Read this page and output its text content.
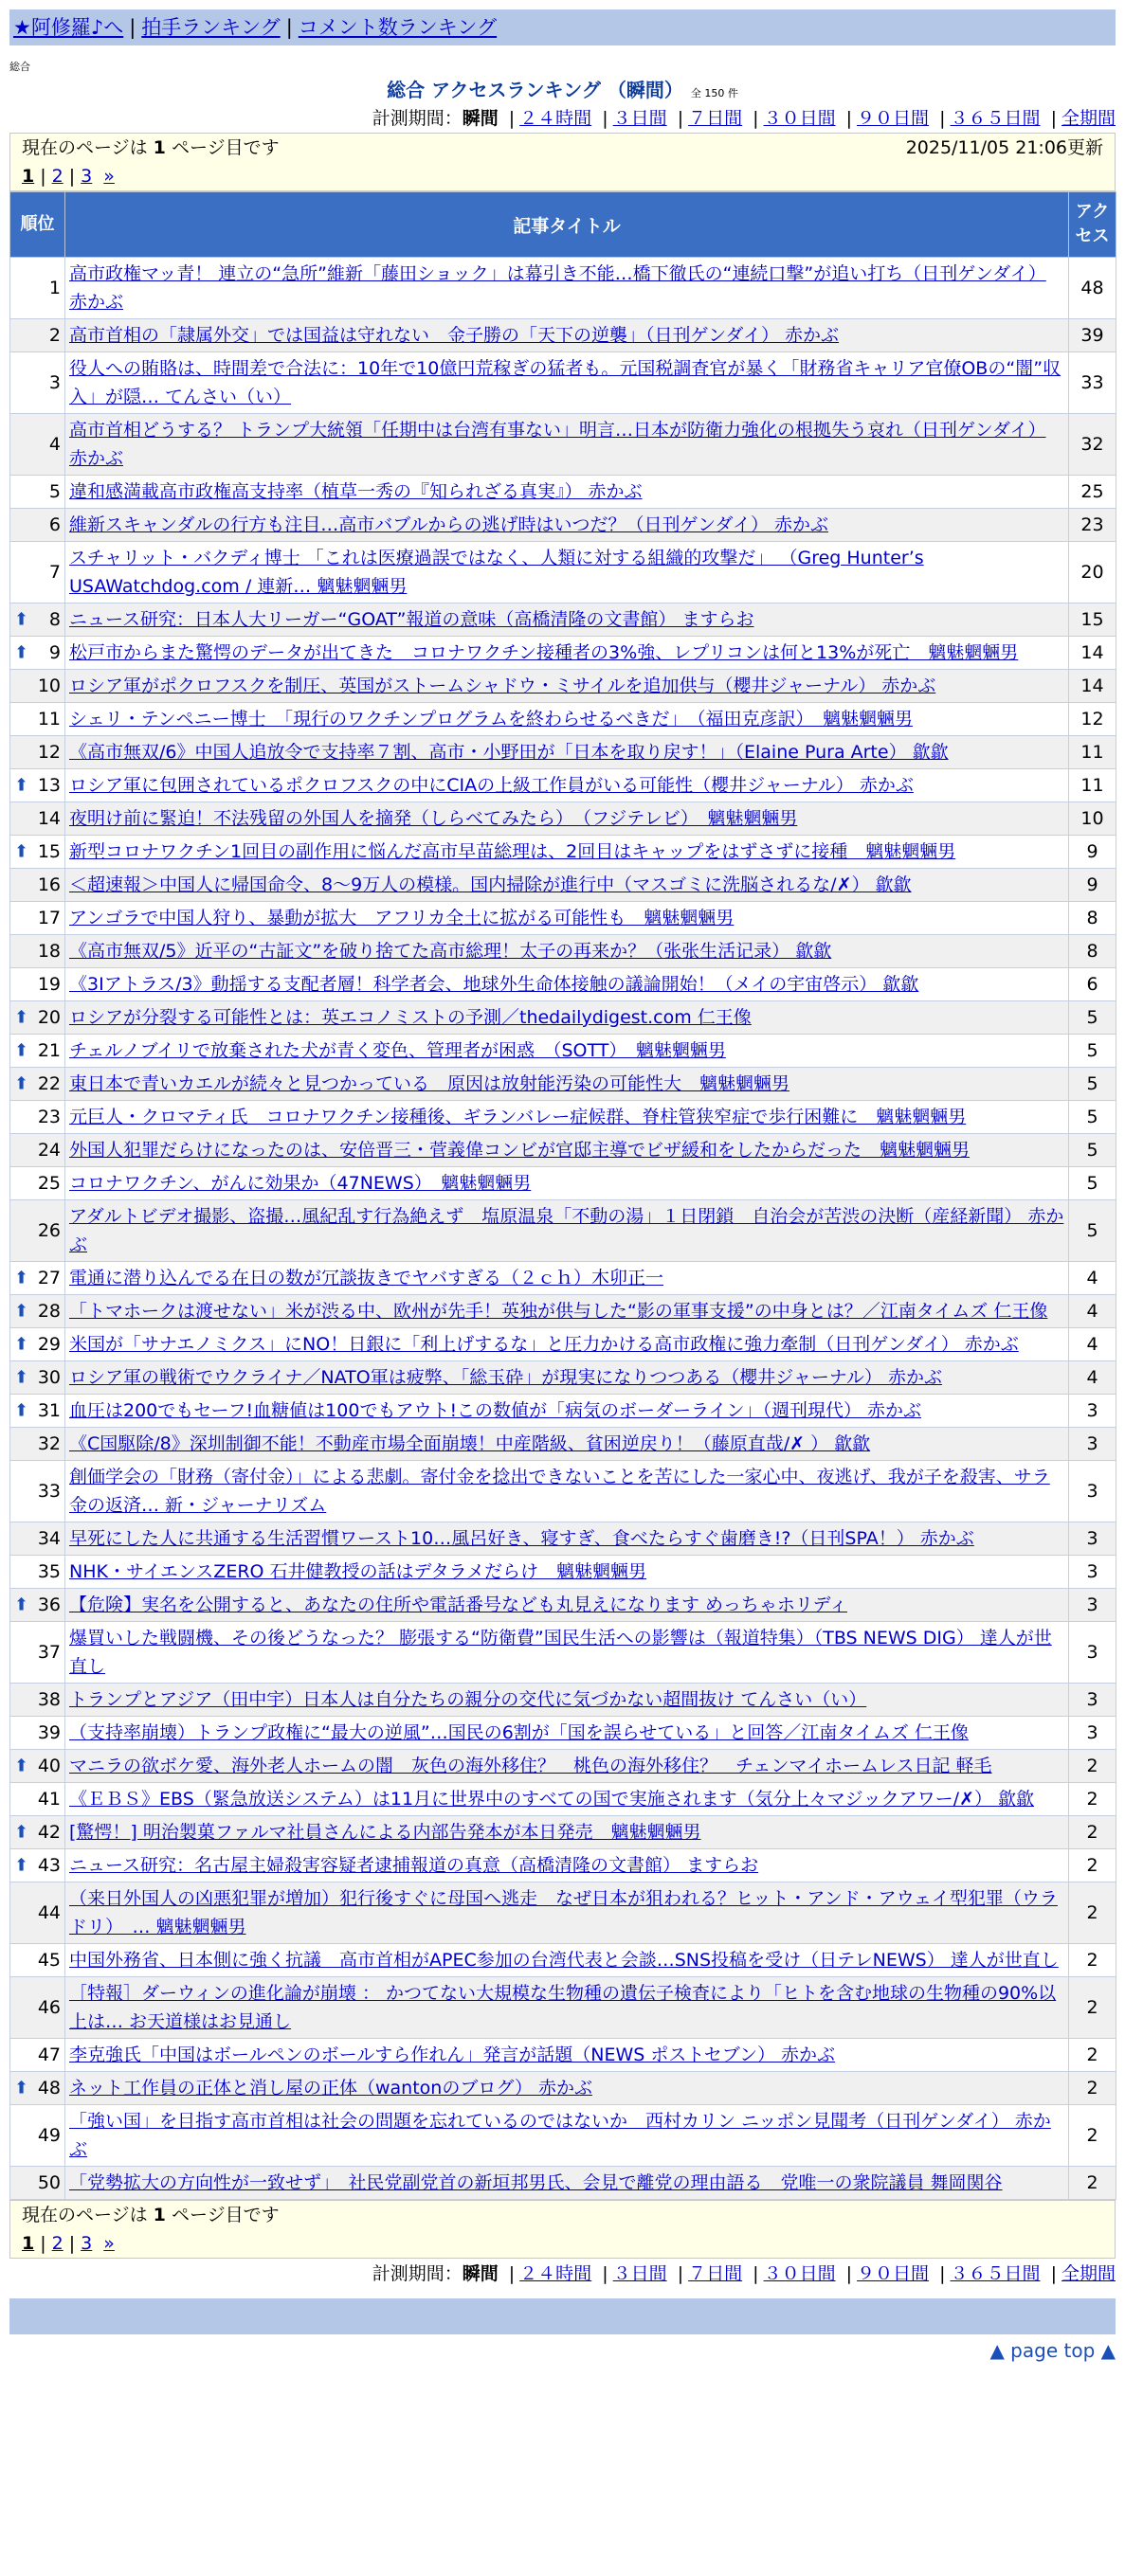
★阿修羅♪へ | 拍手ランキング | コメント数ランキング
総合
総合 アクセスランキング （瞬間） 全 150 件
計測期間：瞬間 | ２４時間 | ３日間 | ７日間 | ３０日間 | ９０日間 | ３６５日間 | 全期間
現在のページは 1 ページ目です	2025/11/05 21:06更新
1 | 2 | 3 »
順位	記事タイトル	アクセス
1	高市政権マッ青！ 連立の“急所”維新「藤田ショック」は幕引き不能…橋下徹氏の“連続口撃”が追い打ち（日刊ゲンダイ） 赤かぶ	48
2	高市首相の「隷属外交」では国益は守れない　金子勝の「天下の逆襲」（日刊ゲンダイ） 赤かぶ	39
3	役人への賄賂は、時間差で合法に：10年で10億円荒稼ぎの猛者も。元国税調査官が暴く「財務省キャリア官僚OBの“闇”収入」が隠… てんさい（い）	33
4	高市首相どうする？ トランプ大統領「任期中は台湾有事ない」明言…日本が防衛力強化の根拠失う哀れ（日刊ゲンダイ） 赤かぶ	32
5	違和感満載高市政権高支持率（植草一秀の『知られざる真実』） 赤かぶ	25
6	維新スキャンダルの行方も注目…高市バブルからの逃げ時はいつだ？（日刊ゲンダイ） 赤かぶ	23
7	スチャリット・バクディ博士 「これは医療過誤ではなく、人類に対する組織的攻撃だ」 （Greg Hunter’s USAWatchdog.com / 連新… 魑魅魍魎男	20

⬆ 8	ニュース研究：日本人大リーガー“GOAT”報道の意味（高橋清隆の文書館） ますらお	15

⬆ 9	松戸市からまた驚愕のデータが出てきた　コロナワクチン接種者の3%強、レプリコンは何と13%が死亡　魑魅魍魎男	14
10	ロシア軍がポクロフスクを制圧、英国がストームシャドウ・ミサイルを追加供与（櫻井ジャーナル） 赤かぶ	14
11	シェリ・テンペニー博士　「現行のワクチンプログラムを終わらせるべきだ」　（福田克彦訳）　魑魅魍魎男	12
12	《高市無双/6》中国人追放令で支持率７割、高市・小野田が「日本を取り戻す！」（Elaine Pura Arte） 歙歙	11

⬆ 13	ロシア軍に包囲されているポクロフスクの中にCIAの上級工作員がいる可能性（櫻井ジャーナル） 赤かぶ	11
14	夜明け前に緊迫！不法残留の外国人を摘発（しらべてみたら）　（フジテレビ）　魑魅魍魎男	10

⬆ 15	新型コロナワクチン1回目の副作用に悩んだ高市早苗総理は、2回目はキャップをはずさずに接種　魑魅魍魎男	9
16	＜超速報＞中国人に帰国命令、8～9万人の模様。国内掃除が進行中（マスゴミに洗脳されるな/✗） 歙歙	9
17	アンゴラで中国人狩り、暴動が拡大　アフリカ全土に拡がる可能性も　魑魅魍魎男	8
18	《高市無双/5》近平の“古証文”を破り捨てた高市総理！太子の再来か？（张张生活记录） 歙歙	8
19	《3Iアトラス/3》動揺する支配者層！科学者会、地球外生命体接触の議論開始！（メイの宇宙啓示） 歙歙	6

⬆ 20	ロシアが分裂する可能性とは：英エコノミストの予測／thedailydigest.com 仁王像	5

⬆ 21	チェルノブイリで放棄された犬が青く変色、管理者が困惑　（SOTT）　魑魅魍魎男	5

⬆ 22	東日本で青いカエルが続々と見つかっている　原因は放射能汚染の可能性大　魑魅魍魎男	5
23	元巨人・クロマティ氏　コロナワクチン接種後、ギランバレー症候群、脊柱管狭窄症で歩行困難に　魑魅魍魎男	5
24	外国人犯罪だらけになったのは、安倍晋三・菅義偉コンビが官邸主導でビザ緩和をしたからだった　魑魅魍魎男	5
25	コロナワクチン、がんに効果か（47NEWS）　魑魅魍魎男	5
26	アダルトビデオ撮影、盗撮…風紀乱す行為絶えず　塩原温泉「不動の湯」１日閉鎖　自治会が苦渋の決断（産経新聞） 赤かぶ	5

⬆ 27	電通に潜り込んでる在日の数が冗談抜きでヤバすぎる（２ｃｈ）木卯正一	4

⬆ 28	「トマホークは渡せない」米が渋る中、欧州が先手！英独が供与した“影の軍事支援”の中身とは？／江南タイムズ 仁王像	4

⬆ 29	米国が「サナエノミクス」にNO！日銀に「利上げするな」と圧力かける高市政権に強力牽制（日刊ゲンダイ） 赤かぶ	4

⬆ 30	ロシア軍の戦術でウクライナ／NATO軍は疲弊、「総玉砕」が現実になりつつある（櫻井ジャーナル） 赤かぶ	4

⬆ 31	血圧は200でもセーフ!血糖値は100でもアウト!この数値が「病気のボーダーライン」（週刊現代） 赤かぶ	3
32	《C国駆除/8》深圳制御不能！不動産市場全面崩壊！中産階級、貧困逆戻り！（藤原直哉/✗ ） 歙歙	3
33	創価学会の「財務（寄付金）」による悲劇。寄付金を捻出できないことを苦にした一家心中、夜逃げ、我が子を殺害、サラ金の返済… 新・ジャーナリズム	3
34	早死にした人に共通する生活習慣ワースト10…風呂好き、寝すぎ、食べたらすぐ歯磨き!?（日刊SPA！） 赤かぶ	3
35	NHK・サイエンスZERO 石井健教授の話はデタラメだらけ　魑魅魍魎男	3

⬆ 36	【危険】実名を公開すると、あなたの住所や電話番号なども丸見えになります めっちゃホリディ	3
37	爆買いした戦闘機、その後どうなった？ 膨張する“防衛費”国民生活への影響は（報道特集）（TBS NEWS DIG） 達人が世直し	3
38	トランプとアジア（田中宇）日本人は自分たちの親分の交代に気づかない超間抜け てんさい（い）	3
39	（支持率崩壊）トランプ政権に“最大の逆風”…国民の6割が「国を誤らせている」と回答／江南タイムズ 仁王像	3

⬆ 40	マニラの欲ボケ愛、海外老人ホームの闇　灰色の海外移住？　桃色の海外移住？　チェンマイホームレス日記 軽毛	2
41	《ＥＢＳ》EBS（緊急放送システム）は11月に世界中のすべての国で実施されます（気分上々マジックアワー/✗） 歙歙	2

⬆ 42	[驚愕！] 明治製菓ファルマ社員さんによる内部告発本が本日発売　魑魅魍魎男	2

⬆ 43	ニュース研究：名古屋主婦殺害容疑者逮捕報道の真意（高橋清隆の文書館） ますらお	2
44	（来日外国人の凶悪犯罪が増加）犯行後すぐに母国へ逃走　なぜ日本が狙われる？ヒット・アンド・アウェイ型犯罪（ウラドリ）　… 魑魅魍魎男	2
45	中国外務省、日本側に強く抗議　高市首相がAPEC参加の台湾代表と会談…SNS投稿を受け（日テレNEWS） 達人が世直し	2
46	［特報］ダーウィンの進化論が崩壊 ： かつてない大規模な生物種の遺伝子検査により「ヒトを含む地球の生物種の90%以上は… お天道様はお見通し	2
47	李克強氏「中国はボールペンのボールすら作れん」発言が話題（NEWS ポストセブン） 赤かぶ	2

⬆ 48	ネット工作員の正体と消し屋の正体（wantonのブログ） 赤かぶ	2
49	「強い国」を目指す高市首相は社会の問題を忘れているのではないか　西村カリン ニッポン見聞考（日刊ゲンダイ） 赤かぶ	2
50	「党勢拡大の方向性が一致せず」　社民党副党首の新垣邦男氏、会見で離党の理由語る　党唯一の衆院議員 舞岡関谷	2
現在のページは 1 ページ目です
1 | 2 | 3 »
計測期間：瞬間 | ２４時間 | ３日間 | ７日間 | ３０日間 | ９０日間 | ３６５日間 | 全期間
▲ page top ▲
